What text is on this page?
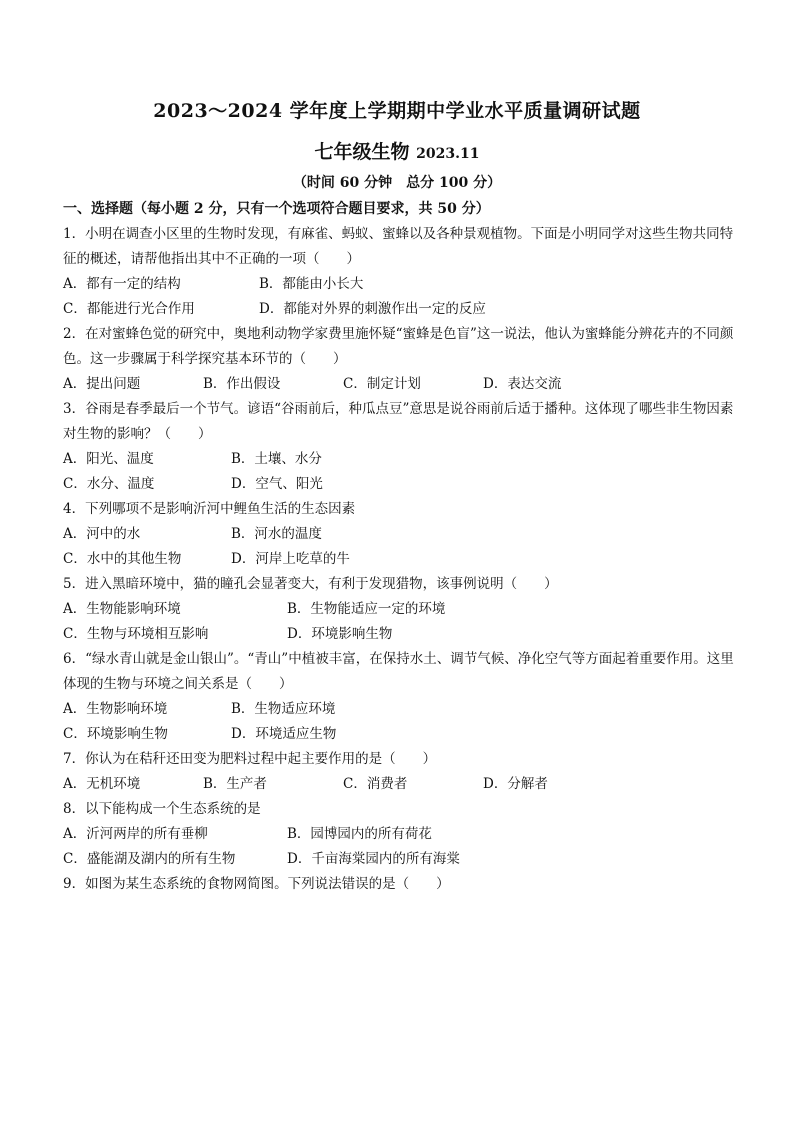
2023～2024 学年度上学期期中学业水平质量调研试题
七年级生物 2023.11
（时间 60 分钟　总分 100 分）
一、选择题（每小题 2 分，只有一个选项符合题目要求，共 50 分）
1．小明在调查小区里的生物时发现，有麻雀、蚂蚁、蜜蜂以及各种景观植物。下面是小明同学对这些生物共同特征的概述，请帮他指出其中不正确的一项（　　）
A．都有一定的结构	B．都能由小长大
C．都能进行光合作用	D．都能对外界的刺激作出一定的反应
2．在对蜜蜂色觉的研究中，奥地利动物学家费里施怀疑“蜜蜂是色盲”这一说法，他认为蜜蜂能分辨花卉的不同颜色。这一步骤属于科学探究基本环节的（　　）
A．提出问题	B．作出假设	C．制定计划	D．表达交流
3．谷雨是春季最后一个节气。谚语“谷雨前后，种瓜点豆”意思是说谷雨前后适于播种。这体现了哪些非生物因素对生物的影响？（　　）
A．阳光、温度	B．土壤、水分
C．水分、温度	D．空气、阳光
4．下列哪项不是影响沂河中鲤鱼生活的生态因素
A．河中的水	B．河水的温度
C．水中的其他生物	D．河岸上吃草的牛
5．进入黑暗环境中，猫的瞳孔会显著变大，有利于发现猎物，该事例说明（　　）
A．生物能影响环境	B．生物能适应一定的环境
C．生物与环境相互影响	D．环境影响生物
6．“绿水青山就是金山银山”。“青山”中植被丰富，在保持水土、调节气候、净化空气等方面起着重要作用。这里体现的生物与环境之间关系是（　　）
A．生物影响环境	B．生物适应环境
C．环境影响生物	D．环境适应生物
7．你认为在秸秆还田变为肥料过程中起主要作用的是（　　）
A．无机环境	B．生产者	C．消费者	D．分解者
8．以下能构成一个生态系统的是
A．沂河两岸的所有垂柳	B．园博园内的所有荷花
C．盛能湖及湖内的所有生物	D．千亩海棠园内的所有海棠
9．如图为某生态系统的食物网简图。下列说法错误的是（　　）
